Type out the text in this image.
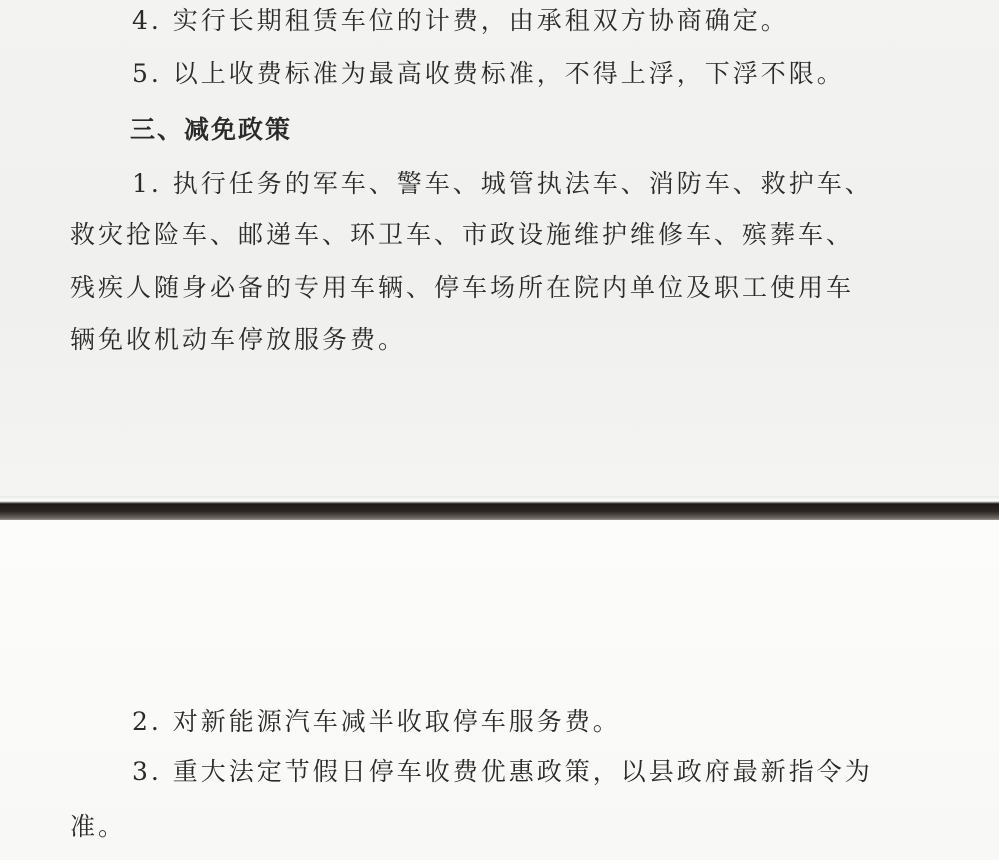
4. 实行长期租赁车位的计费，由承租双方协商确定。
5. 以上收费标准为最高收费标准，不得上浮，下浮不限。
三、减免政策
1. 执行任务的军车、警车、城管执法车、消防车、救护车、
救灾抢险车、邮递车、环卫车、市政设施维护维修车、殡葬车、
残疾人随身必备的专用车辆、停车场所在院内单位及职工使用车
辆免收机动车停放服务费。
2. 对新能源汽车减半收取停车服务费。
3. 重大法定节假日停车收费优惠政策，以县政府最新指令为
准。
